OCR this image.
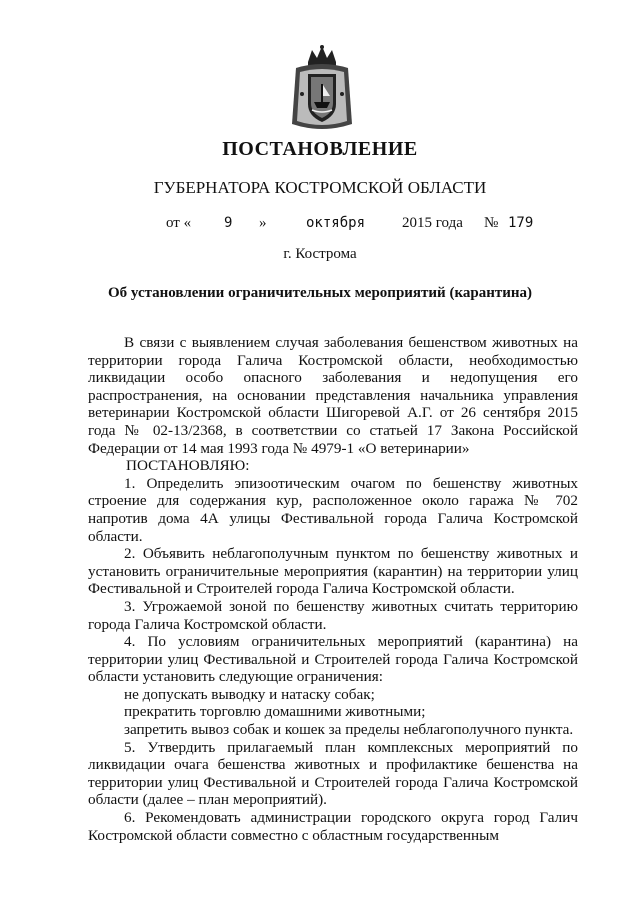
ПОСТАНОВЛЕНИЕ
ГУБЕРНАТОРА КОСТРОМСКОЙ ОБЛАСТИ
от « 9 »	октября 2015 года № 179
г. Кострома
Об установлении ограничительных мероприятий (карантина)

В связи с выявлением случая заболевания бешенством животных на территории города Галича Костромской области, необходимостью ликвидации особо опасного заболевания и недопущения его распространения, на основании представления начальника управления ветеринарии Костромской области Шигоревой А.Г. от 26 сентября 2015 года № 02-13/2368, в соответствии со статьей 17 Закона Российской Федерации от 14 мая 1993 года № 4979-1 «О ветеринарии»

ПОСТАНОВЛЯЮ:

1. Определить эпизоотическим очагом по бешенству животных строение для содержания кур, расположенное около гаража № 702 напротив дома 4А улицы Фестивальной города Галича Костромской области.

2. Объявить неблагополучным пунктом по бешенству животных и установить ограничительные мероприятия (карантин) на территории улиц Фестивальной и Строителей города Галича Костромской области.

3. Угрожаемой зоной по бешенству животных считать территорию города Галича Костромской области.

4. По условиям ограничительных мероприятий (карантина) на территории улиц Фестивальной и Строителей города Галича Костромской области установить следующие ограничения:

не допускать выводку и натаску собак;

прекратить торговлю домашними животными;

запретить вывоз собак и кошек за пределы неблагополучного пункта.

5. Утвердить прилагаемый план комплексных мероприятий по ликвидации очага бешенства животных и профилактике бешенства на территории улиц Фестивальной и Строителей города Галича Костромской области (далее – план мероприятий).

6. Рекомендовать администрации городского округа город Галич Костромской области совместно с областным государственным
